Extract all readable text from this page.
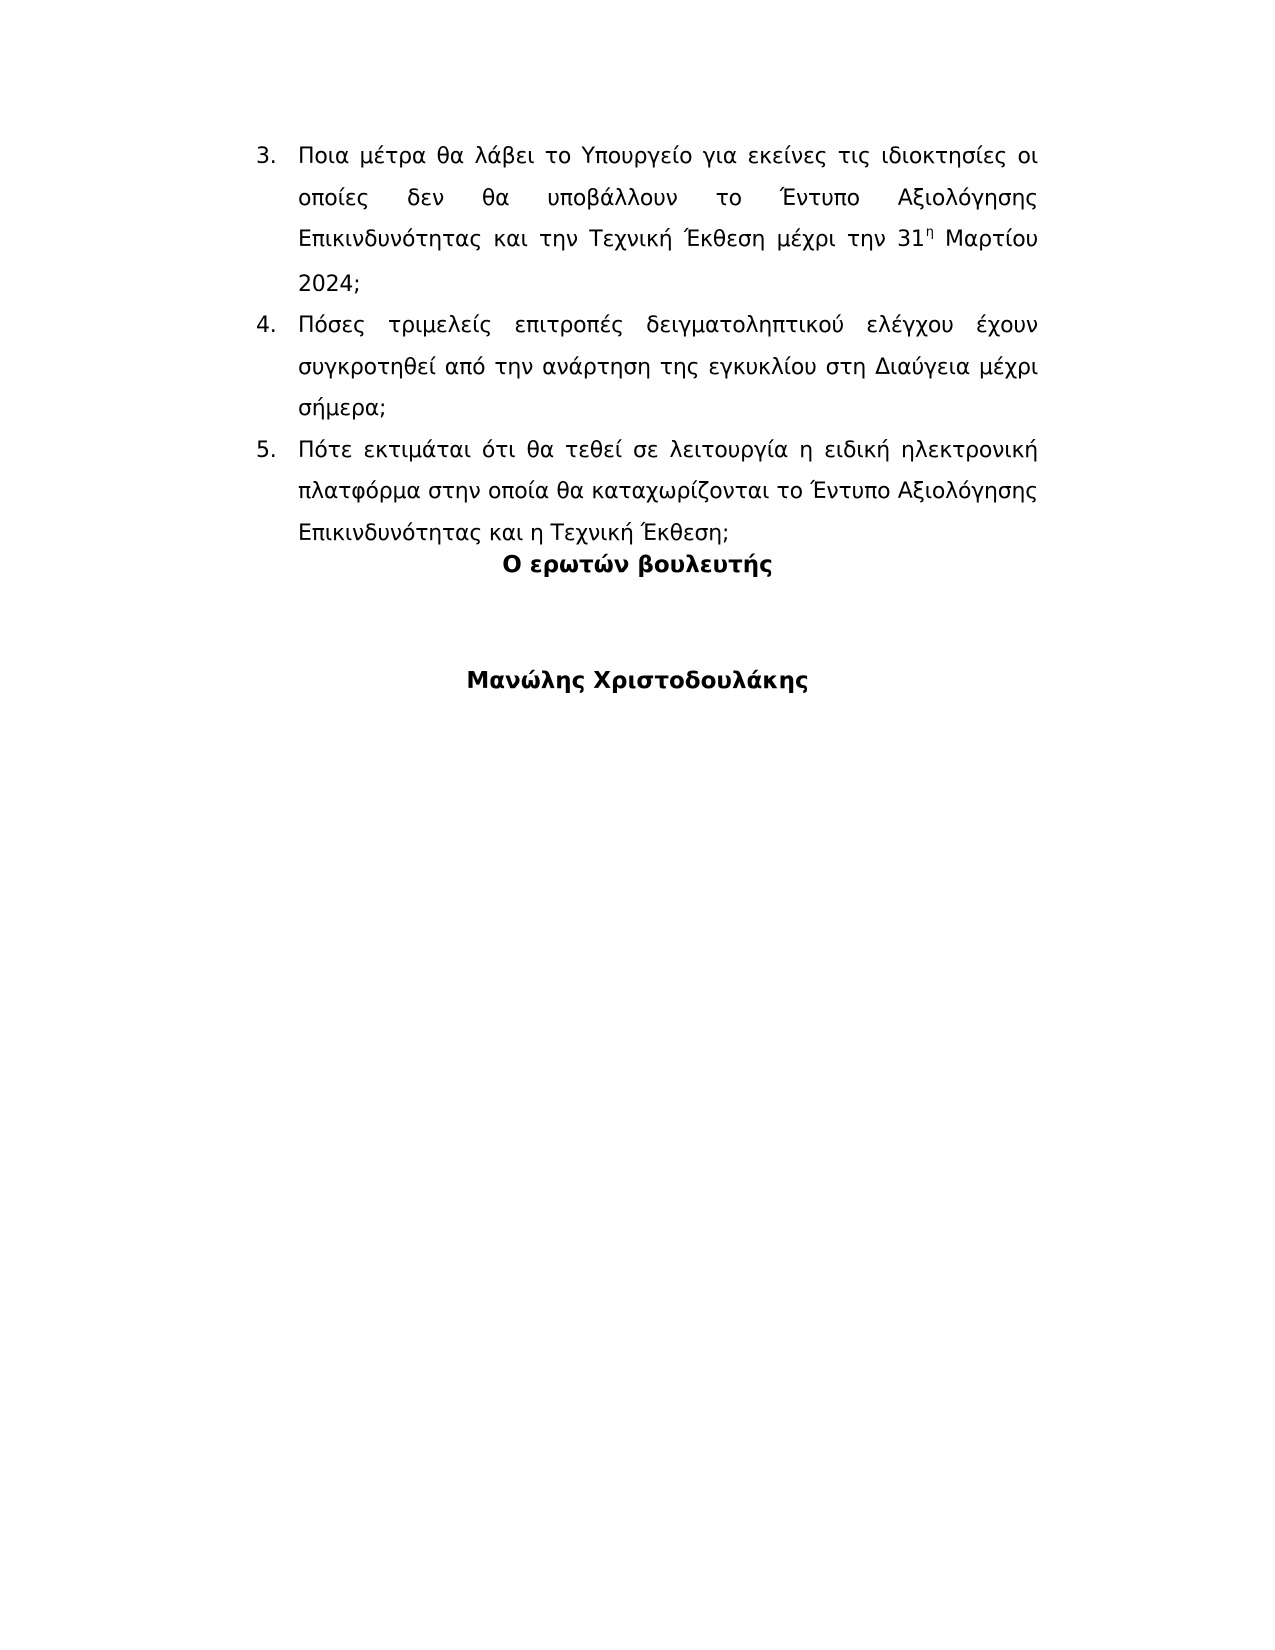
3. Ποια μέτρα θα λάβει το Υπουργείο για εκείνες τις ιδιοκτησίες οι οποίες δεν θα υποβάλλουν το Έντυπο Αξιολόγησης Επικινδυνότητας και την Τεχνική Έκθεση μέχρι την $31^\eta$ Μαρτίου 2024;
4. Πόσες τριμελείς επιτροπές δειγματοληπτικού ελέγχου έχουν συγκροτηθεί από την ανάρτηση της εγκυκλίου στη Διαύγεια μέχρι σήμερα;
5. Πότε εκτιμάται ότι θα τεθεί σε λειτουργία η ειδική ηλεκτρονική πλατφόρμα στην οποία θα καταχωρίζονται το Έντυπο Αξιολόγησης Επικινδυνότητας και η Τεχνική Έκθεση;
Ο ερωτών βουλευτής
Μανώλης Χριστοδουλάκης
